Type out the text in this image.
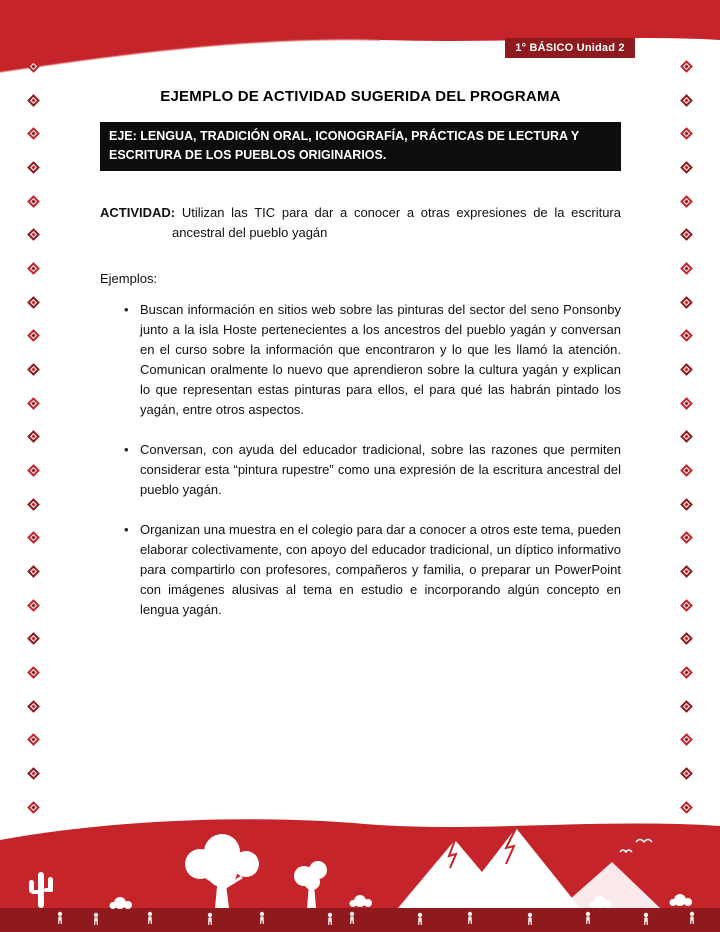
1° BÁSICO Unidad 2
EJEMPLO DE ACTIVIDAD SUGERIDA DEL PROGRAMA
EJE: LENGUA, TRADICIÓN ORAL, ICONOGRAFÍA, PRÁCTICAS DE LECTURA Y ESCRITURA DE LOS PUEBLOS ORIGINARIOS.

ACTIVIDAD: Utilizan las TIC para dar a conocer a otras expresiones de la escritura ancestral del pueblo yagán

Ejemplos:

• Buscan información en sitios web sobre las pinturas del sector del seno Ponsonby junto a la isla Hoste pertenecientes a los ancestros del pueblo yagán y conversan en el curso sobre la información que encontraron y lo que les llamó la atención. Comunican oralmente lo nuevo que aprendieron sobre la cultura yagán y explican lo que representan estas pinturas para ellos, el para qué las habrán pintado los yagán, entre otros aspectos.
• Conversan, con ayuda del educador tradicional, sobre las razones que permiten considerar esta “pintura rupestre” como una expresión de la escritura ancestral del pueblo yagán.
• Organizan una muestra en el colegio para dar a conocer a otros este tema, pueden elaborar colectivamente, con apoyo del educador tradicional, un díptico informativo para compartirlo con profesores, compañeros y familia, o preparar un PowerPoint con imágenes alusivas al tema en estudio e incorporando algún concepto en lengua yagán.
